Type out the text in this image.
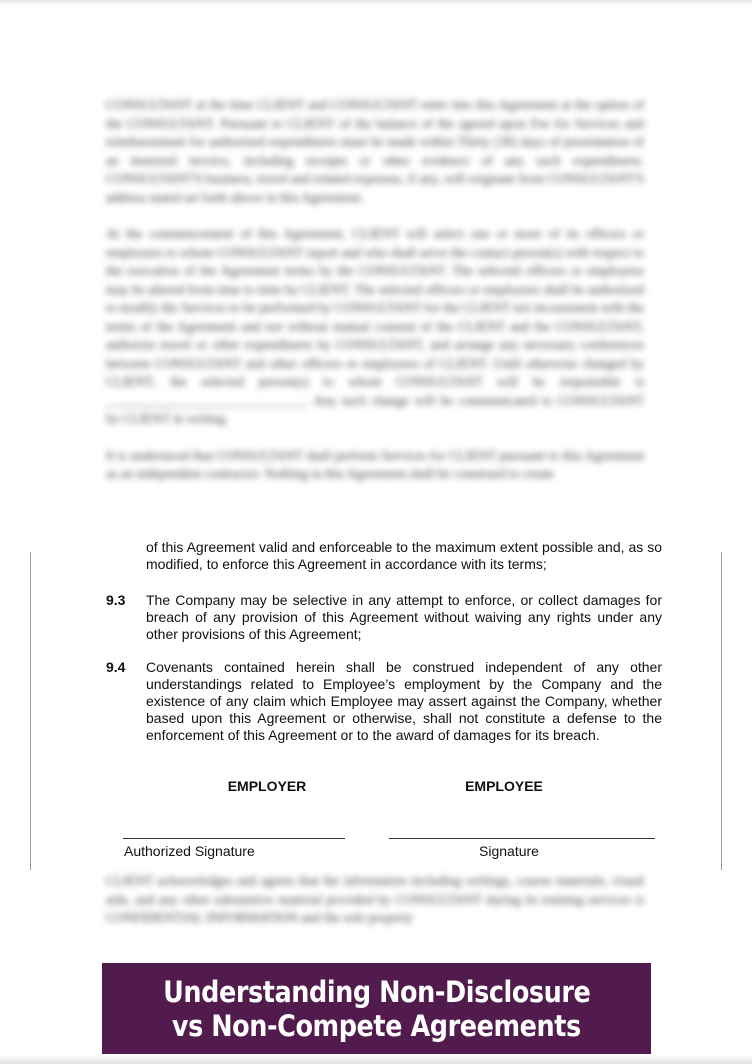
CONSULTANT at the time CLIENT and CONSULTANT enter into this Agreement at the option of the CONSULTANT. Pursuant to CLIENT of the balance of the agreed upon Fee for Services and reimbursement for authorized expenditures must be made within Thirty (30) days of presentation of an itemized invoice, including receipts or other evidence of any such expenditures. CONSULTANT'S business, travel and related expenses, if any, will originate from CONSULTANT'S address stated set forth above in this Agreement.

At the commencement of this Agreement, CLIENT will select one or more of its officers or employees to whom CONSULTANT report and who shall serve the contact person(s) with respect to the execution of the Agreement terms by the CONSULTANT. The selected officers or employees may be altered from time to time by CLIENT. The selected officers or employees shall be authorized to modify the Services to be performed by CONSULTANT for the CLIENT not inconsistent with the terms of the Agreement and not without mutual consent of the CLIENT and the CONSULTANT, authorize travel or other expenditures by CONSULTANT, and arrange any necessary conferences between CONSULTANT and other officers or employees of CLIENT. Until otherwise changed by CLIENT, the selected person(s) to whom CONSULTANT will be responsible is ______________________________. Any such change will be communicated to CONSULTANT by CLIENT in writing.

It is understood that CONSULTANT shall perform Services for CLIENT pursuant to this Agreement as an independent contractor. Nothing in this Agreement shall be construed to create

of this Agreement valid and enforceable to the maximum extent possible and, as so modified, to enforce this Agreement in accordance with its terms;
9.3	The Company may be selective in any attempt to enforce, or collect damages for breach of any provision of this Agreement without waiving any rights under any other provisions of this Agreement;
9.4	Covenants contained herein shall be construed independent of any other understandings related to Employee’s employment by the Company and the existence of any claim which Employee may assert against the Company, whether based upon this Agreement or otherwise, shall not constitute a defense to the enforcement of this Agreement or to the award of damages for its breach.
EMPLOYER	EMPLOYEE
Authorized Signature	Signature

CLIENT acknowledges and agrees that the information including writings, course materials, visual aids, and any other substantive material provided by CONSULTANT during its training services is CONFIDENTIAL INFORMATION and the sole property

Understanding Non-Disclosure
vs Non-Compete Agreements
